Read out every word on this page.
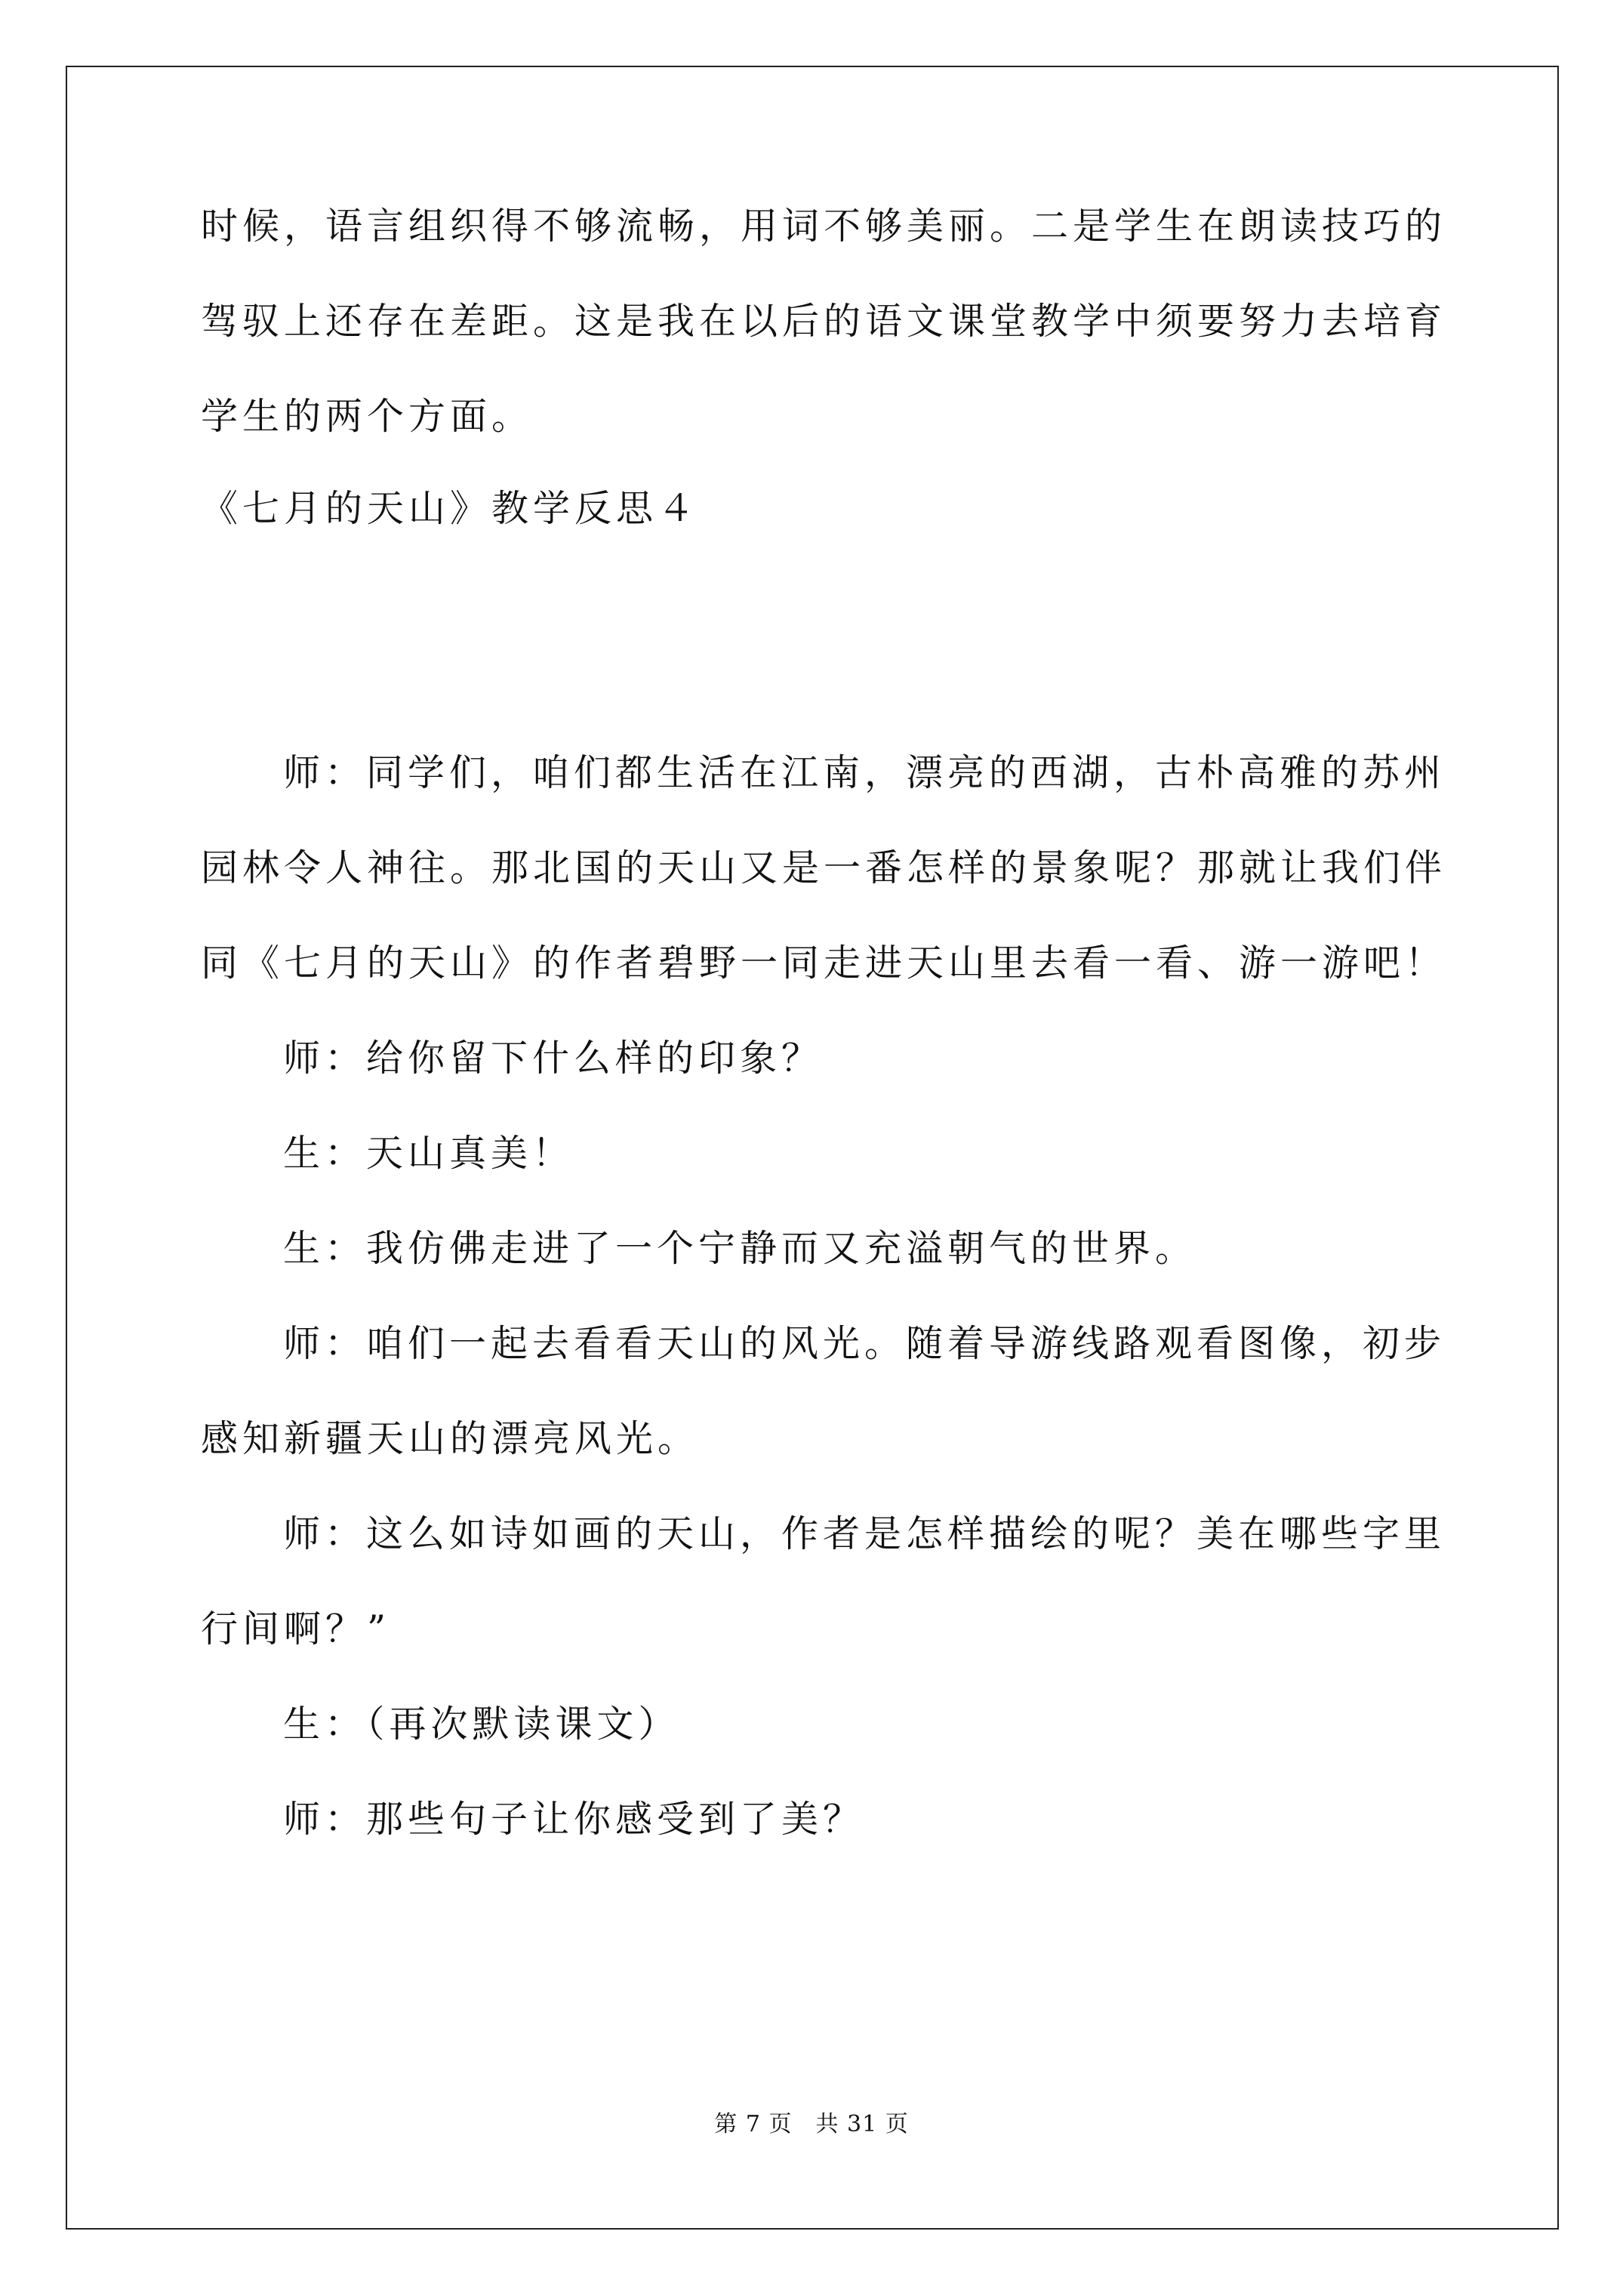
时候，语言组织得不够流畅，用词不够美丽。二是学生在朗读技巧的

驾驭上还存在差距。这是我在以后的语文课堂教学中须要努力去培育

学生的两个方面。

《七月的天山》教学反思４

师：同学们，咱们都生活在江南，漂亮的西湖，古朴高雅的苏州

园林令人神往。那北国的天山又是一番怎样的景象呢？那就让我们伴

同《七月的天山》的作者碧野一同走进天山里去看一看、游一游吧！

师：给你留下什么样的印象？

生：天山真美！

生：我仿佛走进了一个宁静而又充溢朝气的世界。

师：咱们一起去看看天山的风光。随着导游线路观看图像，初步

感知新疆天山的漂亮风光。

师：这么如诗如画的天山，作者是怎样描绘的呢？美在哪些字里

行间啊？”

生：（再次默读课文）

师：那些句子让你感受到了美？

第 7 页　共 31 页
